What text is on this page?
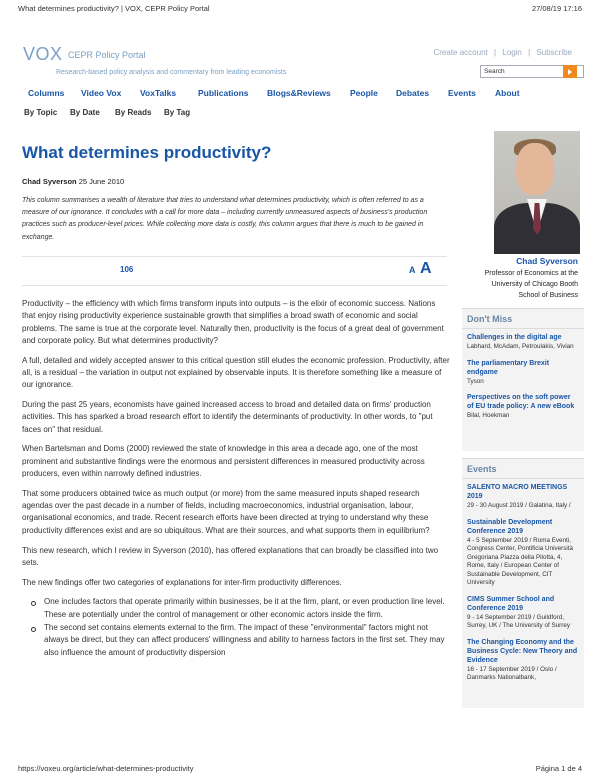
What determines productivity? | VOX, CEPR Policy Portal	27/08/19 17:16
VOX CEPR Policy Portal
Research-based policy analysis and commentary from leading economists
Create account | Login | Subscribe
Search
Columns Video Vox VoxTalks	Publications Blogs&Reviews People Debates Events About
By Topic By Date By Reads By Tag
What determines productivity?
Chad Syverson 25 June 2010
This column summarises a wealth of literature that tries to understand what determines productivity, which is often referred to as a measure of our ignorance. It concludes with a call for more data – including currently unmeasured aspects of business's production practices such as producer-level prices. While collecting more data is costly, this column argues that there is much to be gained in exchange.
106	A A

Productivity – the efficiency with which firms transform inputs into outputs – is the elixir of economic success. Nations that enjoy rising productivity experience sustainable growth that simplifies a broad swath of economic and social problems. The same is true at the corporate level. Naturally then, productivity is the focus of a great deal of government and corporate policy. But what determines productivity?

A full, detailed and widely accepted answer to this critical question still eludes the economic profession. Productivity, after all, is a residual – the variation in output not explained by observable inputs. It is therefore something like a measure of our ignorance.

During the past 25 years, economists have gained increased access to broad and detailed data on firms' production activities. This has sparked a broad research effort to identify the determinants of productivity. In other words, to "put faces on" that residual.

When Bartelsman and Doms (2000) reviewed the state of knowledge in this area a decade ago, one of the most prominent and substantive findings were the enormous and persistent differences in measured productivity across producers, even within narrowly defined industries.

That some producers obtained twice as much output (or more) from the same measured inputs shaped research agendas over the past decade in a number of fields, including macroeconomics, industrial organisation, labour, organisational economics, and trade. Recent research efforts have been directed at trying to understand why these productivity differences exist and are so ubiquitous. What are their sources, and what supports them in equilibrium?

This new research, which I review in Syverson (2010), has offered explanations that can broadly be classified into two sets.

The new findings offer two categories of explanations for inter-firm productivity differences.

One includes factors that operate primarily within businesses, be it at the firm, plant, or even production line level. These are potentially under the control of management or other economic actors inside the firm.
The second set contains elements external to the firm. The impact of these "environmental" factors might not always be direct, but they can affect producers' willingness and ability to harness factors in the first set. They may also influence the amount of productivity dispersion
Chad Syverson
Professor of Economics at the
University of Chicago Booth
School of Business
Don't Miss
Challenges in the digital age
Labhard, McAdam, Petroulakis, Vivian
The parliamentary Brexit endgame
Tyson
Perspectives on the soft power of EU trade policy: A new eBook
Bilal, Hoekman
Events
SALENTO MACRO MEETINGS 2019
29 - 30 August 2019 / Galatina, Italy /
Sustainable Development Conference 2019
4 - 5 September 2019 / Roma Eventi, Congress Center, Pontificia Università Gregoriana Piazza della Pilotta, 4, Rome, Italy / European Center of Sustainable Development, CIT University
CIMS Summer School and Conference 2019
9 - 14 September 2019 / Guildford, Surrey, UK / The University of Surrey
The Changing Economy and the Business Cycle: New Theory and Evidence
16 - 17 September 2019 / Oslo / Danmarks Nationalbank,
https://voxeu.org/article/what-determines-productivity	Página 1 de 4
